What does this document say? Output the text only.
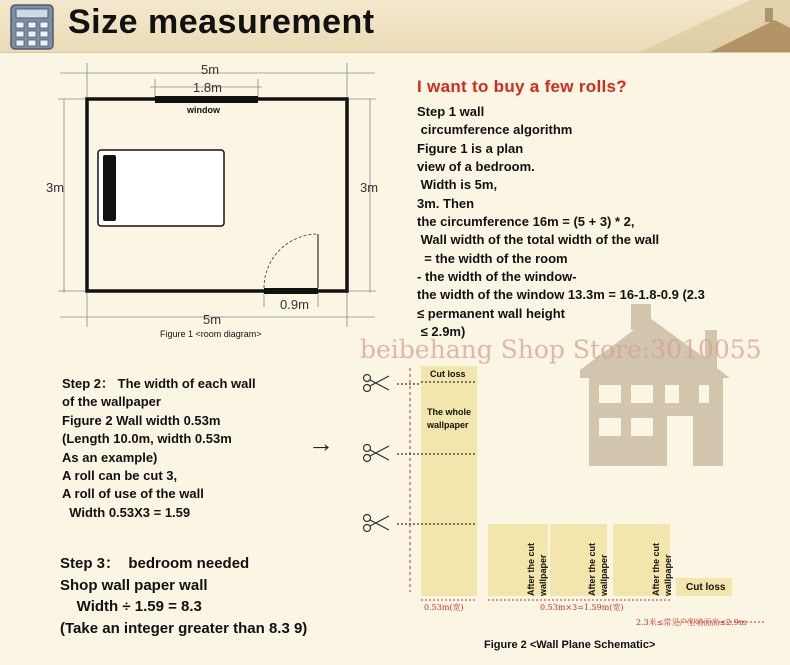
Size measurement
5m
1.8m
window
3m	3m
0.9m
5m
Figure 1 <room diagram>
beibehang Shop Store:3010055
I want to buy a few rolls?
Step 1 wall
circumference algorithm
Figure 1 is a plan
view of a bedroom.
Width is 5m,
3m. Then
the circumference 16m = (5 + 3) * 2,
Wall width of the total width of the wall
= the width of the room
- the width of the window-
the width of the window 13.3m = 16-1.8-0.9 (2.3
≤ permanent wall height
≤ 2.9m)
Step 2： The width of each wall
of the wallpaper
Figure 2 Wall width 0.53m
(Length 10.0m, width 0.53m
As an example)
A roll can be cut 3,
A roll of use of the wall
Width 0.53X3 = 1.59
→
Step 3：  bedroom needed
Shop wall paper wall
Width ÷ 1.59 = 8.3
(Take an integer greater than 8.3 9)
Cut loss
The whole
wallpaper
After the cut wallpaper	After the cut wallpaper	After the cut wallpaper Cut loss
0.53m(宽)	0.53m×3=1.59m(宽)
2.3米≤常见户型墙面高≤2.9m
Figure 2 <Wall Plane Schematic>
